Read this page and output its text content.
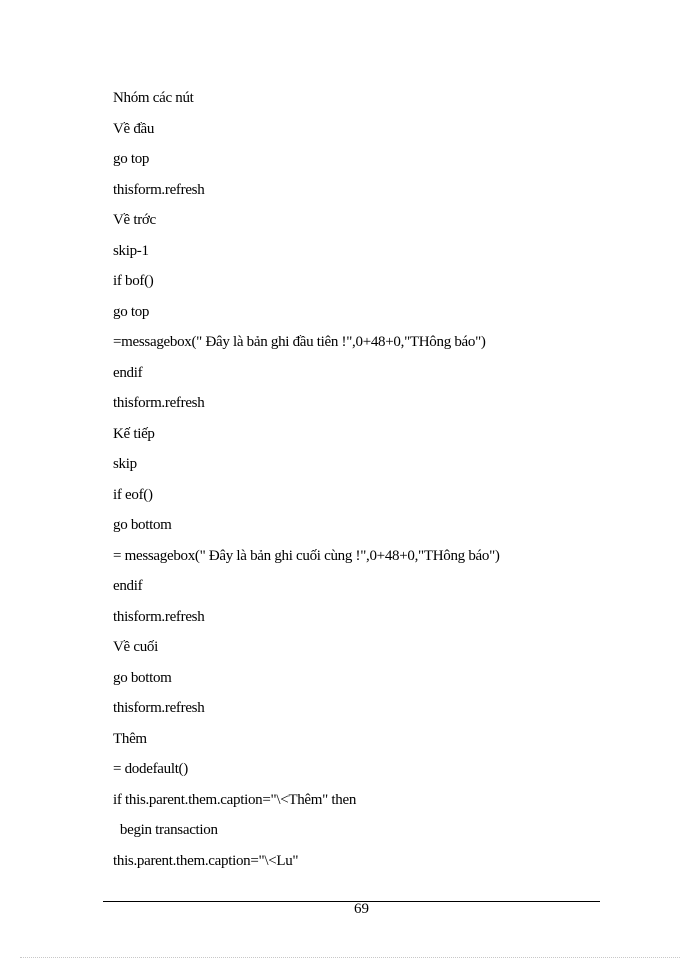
Nhóm các nút
Về đầu
go top
thisform.refresh
Về trớc
skip-1
if bof()
go top
=messagebox(" Đây là bản ghi đầu tiên !",0+48+0,"THông báo")
endif
thisform.refresh
Kế tiếp
skip
if eof()
go bottom
= messagebox(" Đây là bản ghi cuối cùng !",0+48+0,"THông báo")
endif
thisform.refresh
Về cuối
go bottom
thisform.refresh
Thêm
= dodefault()
if this.parent.them.caption="\<Thêm" then
begin transaction
this.parent.them.caption="\<Lu"
69
